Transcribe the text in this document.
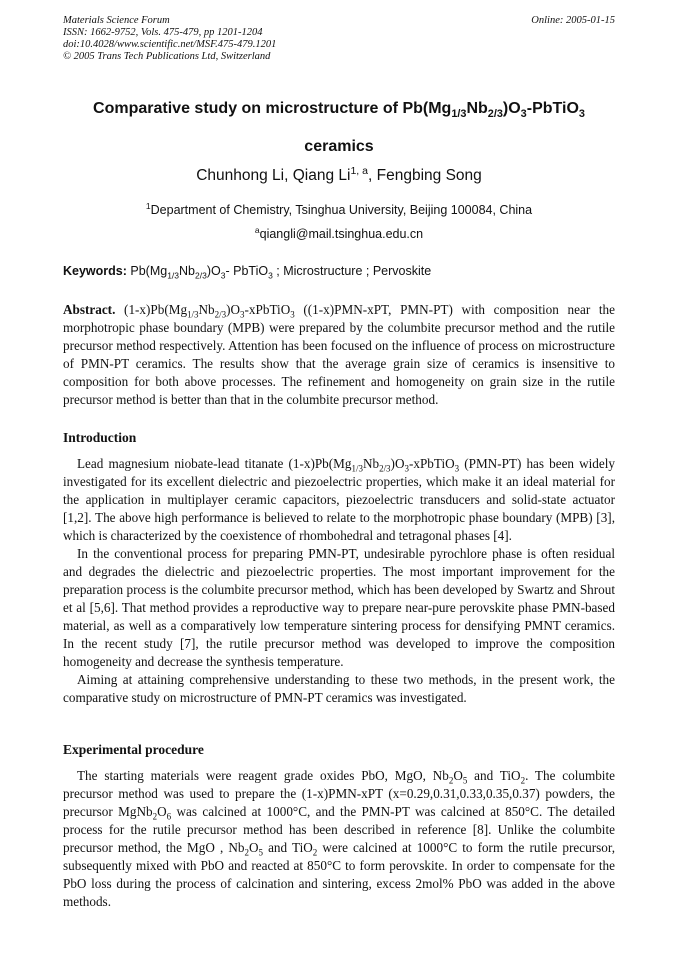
Materials Science Forum
ISSN: 1662-9752, Vols. 475-479, pp 1201-1204
doi:10.4028/www.scientific.net/MSF.475-479.1201
© 2005 Trans Tech Publications Ltd, Switzerland
Online: 2005-01-15
Comparative study on microstructure of $Pb(Mg_{1/3}Nb_{2/3})O_3-PbTiO_3$
ceramics
Chunhong Li, Qiang Li$^{1, a}$, Fengbing Song
$^1$Department of Chemistry, Tsinghua University, Beijing 100084, China
$^a$qiangli@mail.tsinghua.edu.cn
Keywords: $Pb(Mg_{1/3}Nb_{2/3})O_3-$ PbTiO$_3$ ; Microstructure ; Pervoskite

Abstract. $(1-x)Pb(Mg_{1/3}Nb_{2/3})O_3-xPbTiO_3$ ((1-x)PMN-xPT, PMN-PT) with composition near the morphotropic phase boundary (MPB) were prepared by the columbite precursor method and the rutile precursor method respectively. Attention has been focused on the influence of process on microstructure of PMN-PT ceramics. The results show that the average grain size of ceramics is insensitive to composition for both above processes. The refinement and homogeneity on grain size in the rutile precursor method is better than that in the columbite precursor method.

Introduction

Lead magnesium niobate-lead titanate $(1-x)Pb(Mg_{1/3}Nb_{2/3})O_3-xPbTiO_3$ (PMN-PT) has been widely investigated for its excellent dielectric and piezoelectric properties, which make it an ideal material for the application in multiplayer ceramic capacitors, piezoelectric transducers and solid-state actuator [1,2]. The above high performance is believed to relate to the morphotropic phase boundary (MPB) [3], which is characterized by the coexistence of rhombohedral and tetragonal phases [4].

In the conventional process for preparing PMN-PT, undesirable pyrochlore phase is often residual and degrades the dielectric and piezoelectric properties. The most important improvement for the preparation process is the columbite precursor method, which has been developed by Swartz and Shrout et al [5,6]. That method provides a reproductive way to prepare near-pure perovskite phase PMN-based material, as well as a comparatively low temperature sintering process for densifying PMNT ceramics. In the recent study [7], the rutile precursor method was developed to improve the composition homogeneity and decrease the synthesis temperature.

Aiming at attaining comprehensive understanding to these two methods, in the present work, the comparative study on microstructure of PMN-PT ceramics was investigated.

Experimental procedure

The starting materials were reagent grade oxides PbO, MgO, $Nb_2O_5$ and TiO$_2$. The columbite precursor method was used to prepare the (1-x)PMN-xPT (x=0.29,0.31,0.33,0.35,0.37) powders, the precursor $MgNb_2O_6$ was calcined at 1000°C, and the PMN-PT was calcined at 850°C. The detailed process for the rutile precursor method has been described in reference [8]. Unlike the columbite precursor method, the MgO , $Nb_2O_5$ and TiO$_2$ were calcined at 1000°C to form the rutile precursor, subsequently mixed with PbO and reacted at 850°C to form perovskite. In order to compensate for the PbO loss during the process of calcination and sintering, excess 2mol% PbO was added in the above methods.
